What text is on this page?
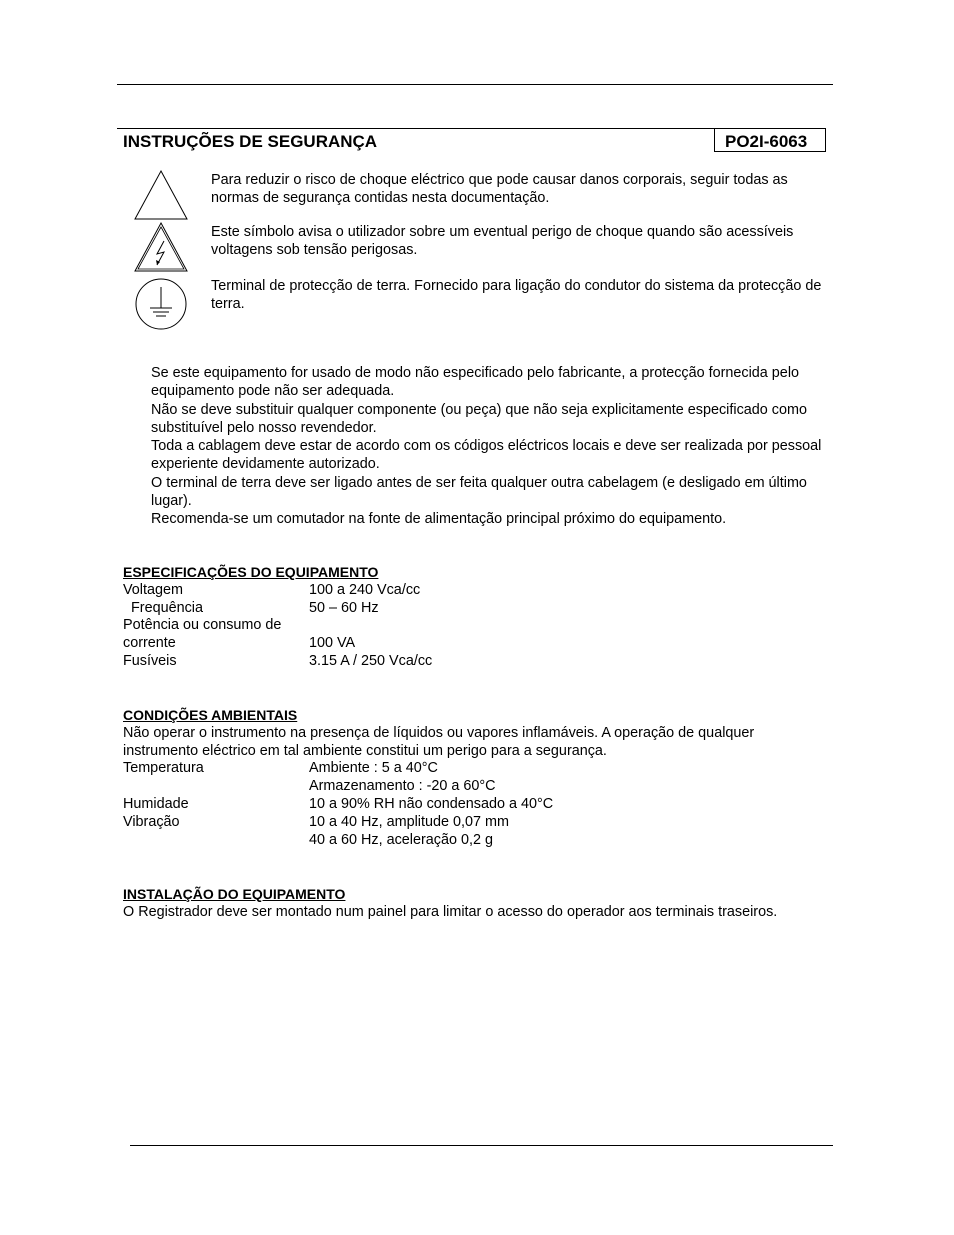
INSTRUÇÕES DE SEGURANÇA	PO2I-6063
Para reduzir o risco de choque eléctrico que pode causar danos corporais, seguir todas as normas de segurança contidas nesta documentação.
Este símbolo avisa o utilizador sobre um eventual perigo de choque quando são acessíveis voltagens sob tensão perigosas.
Terminal de protecção de terra. Fornecido para ligação do condutor do sistema da protecção de terra.

Se este equipamento for usado de modo não especificado pelo fabricante, a protecção fornecida pelo equipamento pode não ser adequada.

Não se deve substituir qualquer componente (ou peça) que não seja explicitamente especificado como substituível pelo nosso revendedor.

Toda a cablagem deve estar de acordo com os códigos eléctricos locais e deve ser realizada por pessoal experiente devidamente autorizado.

O terminal de terra deve ser ligado antes de ser feita qualquer outra cabelagem (e desligado em último lugar).

Recomenda-se um comutador na fonte de alimentação principal próximo do equipamento.

ESPECIFICAÇÕES DO EQUIPAMENTO
Voltagem	100 a 240 Vca/cc
Frequência	50 – 60 Hz
Potência ou consumo de
corrente	100 VA
Fusíveis	3.15 A / 250 Vca/cc
CONDIÇÕES AMBIENTAIS

Não operar o instrumento na presença de líquidos ou vapores inflamáveis. A operação de qualquer instrumento eléctrico em tal ambiente constitui um perigo para a segurança.

Temperatura	Ambiente : 5 a 40°C
Armazenamento : -20 a 60°C
Humidade	10 a 90% RH não condensado a 40°C
Vibração	10 a 40 Hz, amplitude 0,07 mm
40 a 60 Hz, aceleração 0,2 g
INSTALAÇÃO DO EQUIPAMENTO

O Registrador deve ser montado num painel para limitar o acesso do operador aos terminais traseiros.
